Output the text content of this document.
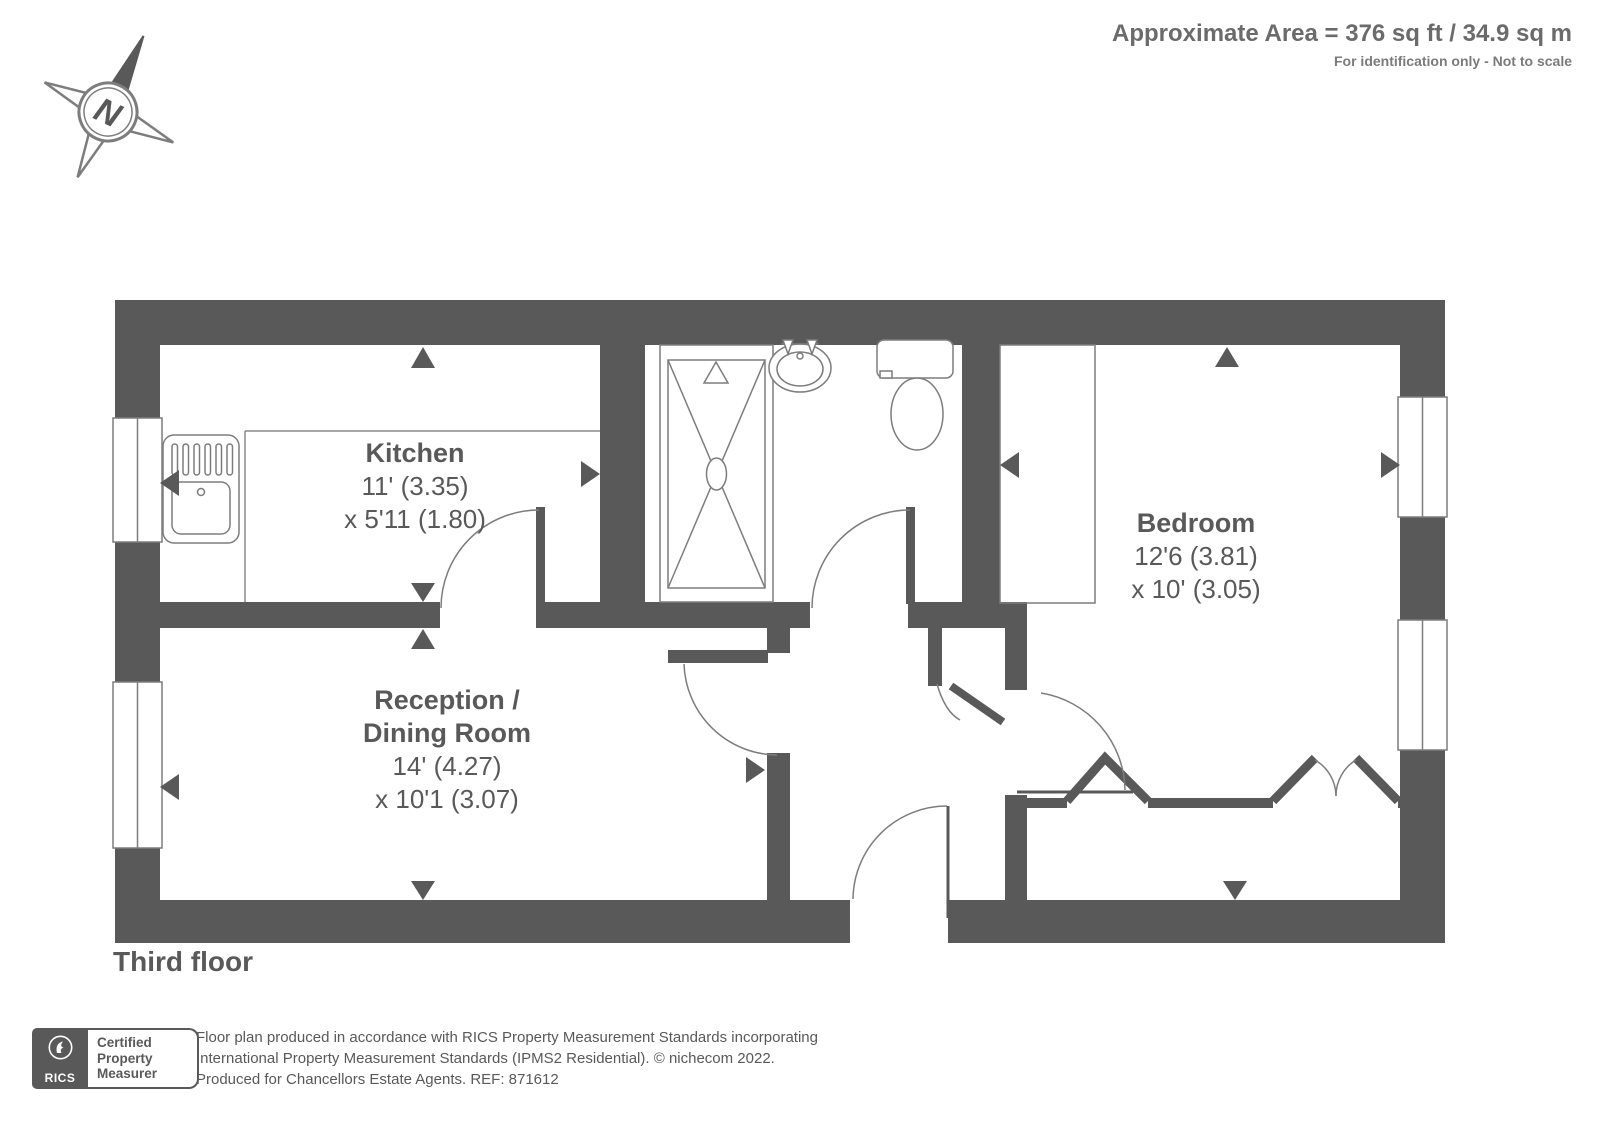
N
Approximate Area = 376 sq ft / 34.9 sq m
For identification only - Not to scale
Kitchen
11' (3.35)
x 5'11 (1.80)
Reception /
Dining Room
14' (4.27)
x 10'1 (3.07)
Bedroom
12'6 (3.81)
x 10' (3.05)
Third floor
RICS
Certified
Property
Measurer
Floor plan produced in accordance with RICS Property Measurement Standards incorporating
International Property Measurement Standards (IPMS2 Residential). © nichecom 2022.
Produced for Chancellors Estate Agents. REF: 871612
